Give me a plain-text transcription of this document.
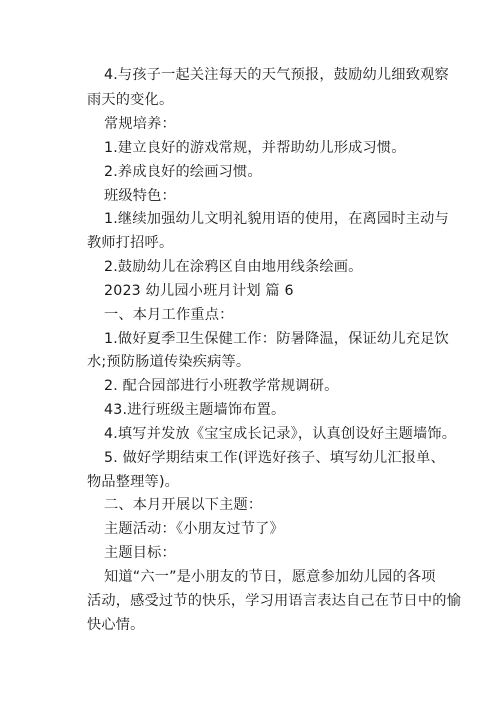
4.与孩子一起关注每天的天气预报，鼓励幼儿细致观察
雨天的变化。
常规培养：
1.建立良好的游戏常规，并帮助幼儿形成习惯。
2.养成良好的绘画习惯。
班级特色：
1.继续加强幼儿文明礼貌用语的使用，在离园时主动与
教师打招呼。
2.鼓励幼儿在涂鸦区自由地用线条绘画。
2023 幼儿园小班月计划 篇 6
一、本月工作重点：
1.做好夏季卫生保健工作：防暑降温，保证幼儿充足饮
水;预防肠道传染疾病等。
2. 配合园部进行小班教学常规调研。
43.进行班级主题墙饰布置。
4.填写并发放《宝宝成长记录》，认真创设好主题墙饰。
5. 做好学期结束工作(评选好孩子、填写幼儿汇报单、
物品整理等)。
二、本月开展以下主题：
主题活动：《小朋友过节了》
主题目标：
知道“六一”是小朋友的节日，愿意参加幼儿园的各项
活动，感受过节的快乐，学习用语言表达自己在节日中的愉
快心情。
